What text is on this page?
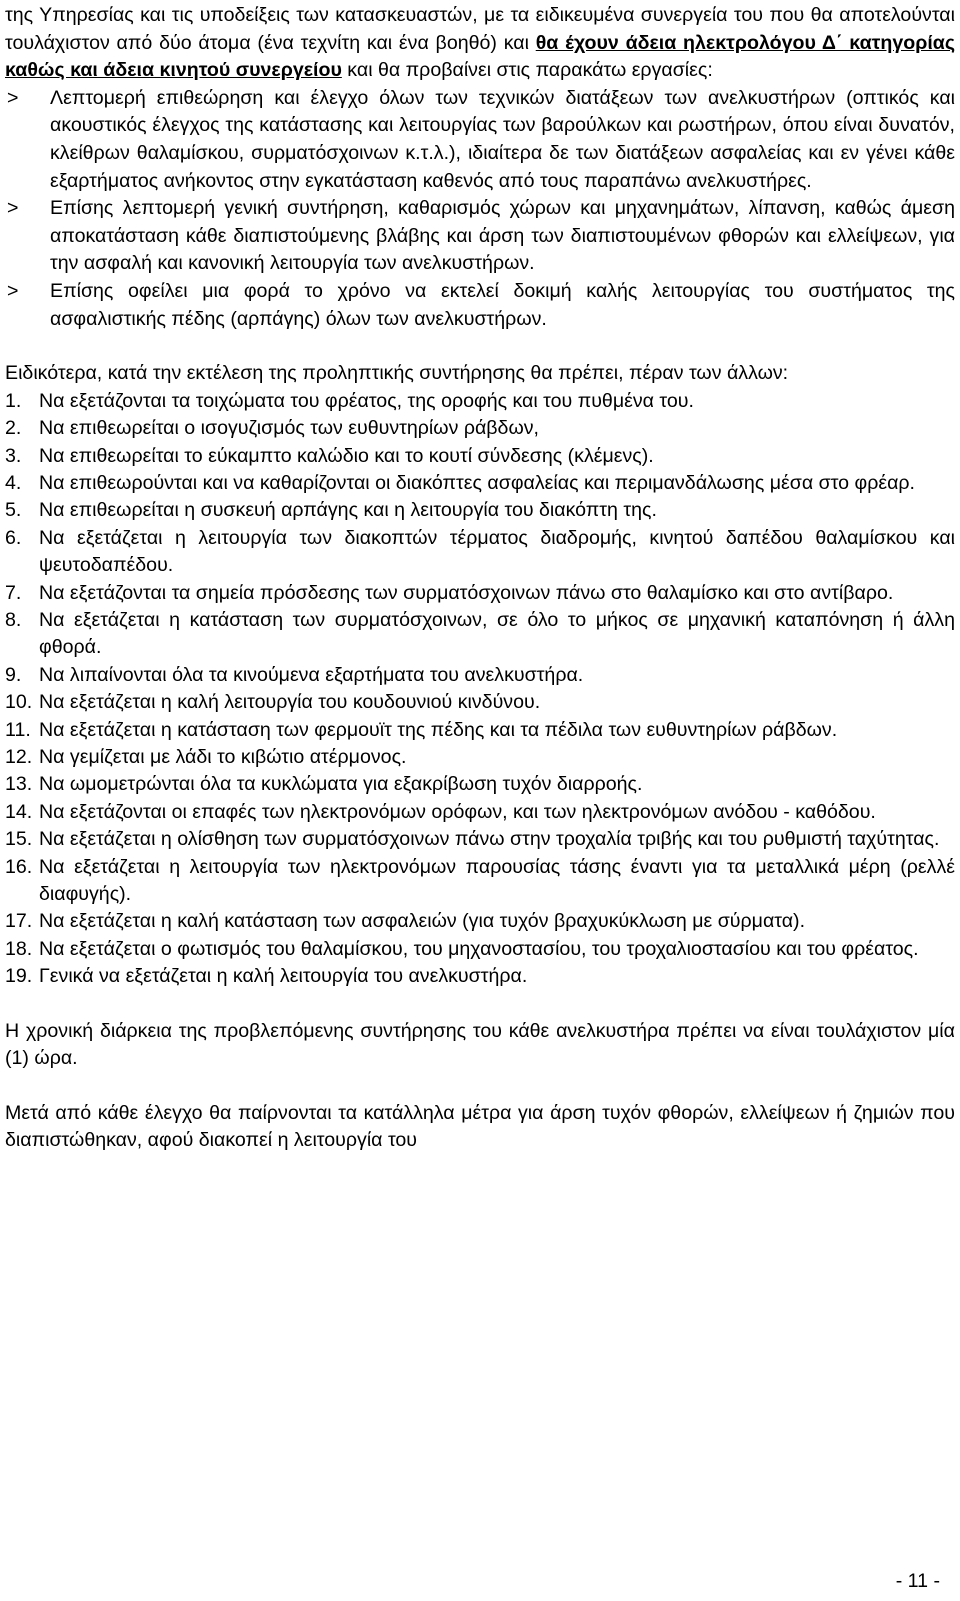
της Υπηρεσίας και τις υποδείξεις των κατασκευαστών, με τα ειδικευμένα συνεργεία του που θα αποτελούνται τουλάχιστον από δύο άτομα (ένα τεχνίτη και ένα βοηθό) και θα έχουν άδεια ηλεκτρολόγου Δ΄ κατηγορίας καθώς και άδεια κινητού συνεργείου και θα προβαίνει στις παρακάτω εργασίες:

> Λεπτομερή επιθεώρηση και έλεγχο όλων των τεχνικών διατάξεων των ανελκυστήρων (οπτικός και ακουστικός έλεγχος της κατάστασης και λειτουργίας των βαρούλκων και ρωστήρων, όπου είναι δυνατόν, κλείθρων θαλαμίσκου, συρματόσχοινων κ.τ.λ.), ιδιαίτερα δε των διατάξεων ασφαλείας και εν γένει κάθε εξαρτήματος ανήκοντος στην εγκατάσταση καθενός από τους παραπάνω ανελκυστήρες.
> Επίσης λεπτομερή γενική συντήρηση, καθαρισμός χώρων και μηχανημάτων, λίπανση, καθώς άμεση αποκατάσταση κάθε διαπιστούμενης βλάβης και άρση των διαπιστουμένων φθορών και ελλείψεων, για την ασφαλή και κανονική λειτουργία των ανελκυστήρων.
> Επίσης οφείλει μια φορά το χρόνο να εκτελεί δοκιμή καλής λειτουργίας του συστήματος της ασφαλιστικής πέδης (αρπάγης) όλων των ανελκυστήρων.

Ειδικότερα, κατά την εκτέλεση της προληπτικής συντήρησης θα πρέπει, πέραν των άλλων:

1. Να εξετάζονται τα τοιχώματα του φρέατος, της οροφής και του πυθμένα του.
2. Να επιθεωρείται ο ισογυζισμός των ευθυντηρίων ράβδων,
3. Να επιθεωρείται το εύκαμπτο καλώδιο και το κουτί σύνδεσης (κλέμενς).
4. Να επιθεωρούνται και να καθαρίζονται οι διακόπτες ασφαλείας και περιμανδάλωσης μέσα στο φρέαρ.
5. Να επιθεωρείται η συσκευή αρπάγης και η λειτουργία του διακόπτη της.
6. Να εξετάζεται η λειτουργία των διακοπτών τέρματος διαδρομής, κινητού δαπέδου θαλαμίσκου και ψευτοδαπέδου.
7. Να εξετάζονται τα σημεία πρόσδεσης των συρματόσχοινων πάνω στο θαλαμίσκο και στο αντίβαρο.
8. Να εξετάζεται η κατάσταση των συρματόσχοινων, σε όλο το μήκος σε μηχανική καταπόνηση ή άλλη φθορά.
9. Να λιπαίνονται όλα τα κινούμενα εξαρτήματα του ανελκυστήρα.
10. Να εξετάζεται η καλή λειτουργία του κουδουνιού κινδύνου.
11. Να εξετάζεται η κατάσταση των φερμουϊτ της πέδης και τα πέδιλα των ευθυντηρίων ράβδων.
12. Να γεμίζεται με λάδι το κιβώτιο ατέρμονος.
13. Να ωμομετρώνται όλα τα κυκλώματα για εξακρίβωση τυχόν διαρροής.
14. Να εξετάζονται οι επαφές των ηλεκτρονόμων ορόφων, και των ηλεκτρονόμων ανόδου - καθόδου.
15. Να εξετάζεται η ολίσθηση των συρματόσχοινων πάνω στην τροχαλία τριβής και του ρυθμιστή ταχύτητας.
16. Να εξετάζεται η λειτουργία των ηλεκτρονόμων παρουσίας τάσης έναντι για τα μεταλλικά μέρη (ρελλέ διαφυγής).
17. Να εξετάζεται η καλή κατάσταση των ασφαλειών (για τυχόν βραχυκύκλωση με σύρματα).
18. Να εξετάζεται ο φωτισμός του θαλαμίσκου, του μηχανοστασίου, του τροχαλιοστασίου και του φρέατος.
19. Γενικά να εξετάζεται η καλή λειτουργία του ανελκυστήρα.

Η χρονική διάρκεια της προβλεπόμενης συντήρησης του κάθε ανελκυστήρα πρέπει να είναι τουλάχιστον μία (1) ώρα.

Μετά από κάθε έλεγχο θα παίρνονται τα κατάλληλα μέτρα για άρση τυχόν φθορών, ελλείψεων ή ζημιών που διαπιστώθηκαν, αφού διακοπεί η λειτουργία του

- 11 -
